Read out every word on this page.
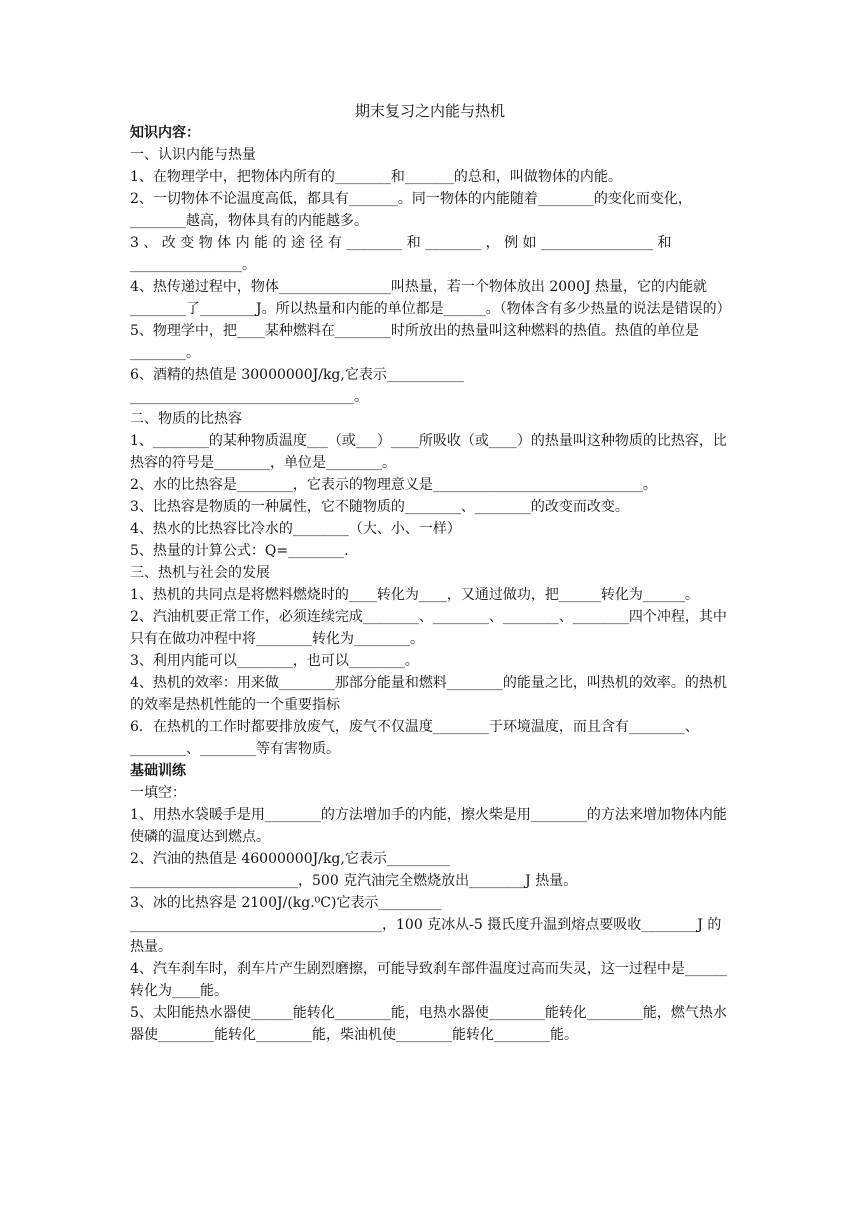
期末复习之内能与热机

知识内容：

一、认识内能与热量

1、在物理学中，把物体内所有的________和_______的总和，叫做物体的内能。

2、一切物体不论温度高低，都具有_______。同一物体的内能随着________的变化而变化，________越高，物体具有的内能越多。

3 、 改 变 物 体 内 能 的 途 径 有 ________ 和 ________ ， 例 如 ________________ 和 ________________。

4、热传递过程中，物体________________叫热量，若一个物体放出 2000J 热量，它的内能就________了________J。所以热量和内能的单位都是______。（物体含有多少热量的说法是错误的）

5、物理学中，把____某种燃料在________时所放出的热量叫这种燃料的热值。热值的单位是________。

6、酒精的热值是 30000000J/kg,它表示___________

________________________________。

二、物质的比热容

1、________的某种物质温度___（或___）____所吸收（或____）的热量叫这种物质的比热容，比热容的符号是________，单位是________。

2、水的比热容是________，它表示的物理意义是______________________________。

3、比热容是物质的一种属性，它不随物质的________、________的改变而改变。

4、热水的比热容比冷水的________（大、小、一样）

5、热量的计算公式：Q=________.

三、热机与社会的发展

1、热机的共同点是将燃料燃烧时的____转化为____，又通过做功，把______转化为______。

2、汽油机要正常工作，必须连续完成________、________、________、________四个冲程，其中只有在做功冲程中将________转化为________。

3、利用内能可以________，也可以________。

4、热机的效率：用来做________那部分能量和燃料________的能量之比，叫热机的效率。的热机的效率是热机性能的一个重要指标

6．在热机的工作时都要排放废气，废气不仅温度________于环境温度，而且含有________、________、________等有害物质。

基础训练

一填空：

1、用热水袋暖手是用________的方法增加手的内能，擦火柴是用________的方法来增加物体内能使磷的温度达到燃点。

2、汽油的热值是 46000000J/kg,它表示_________

________________________，500 克汽油完全燃烧放出________J 热量。

3、冰的比热容是 2100J/(kg.⁰C)它表示_________

____________________________________，100 克冰从-5 摄氏度升温到熔点要吸收________J 的热量。

4、汽车刹车时，刹车片产生剧烈磨擦，可能导致刹车部件温度过高而失灵，这一过程中是______转化为____能。

5、太阳能热水器使______能转化________能，电热水器使________能转化________能，燃气热水器使________能转化________能，柴油机使________能转化________能。
